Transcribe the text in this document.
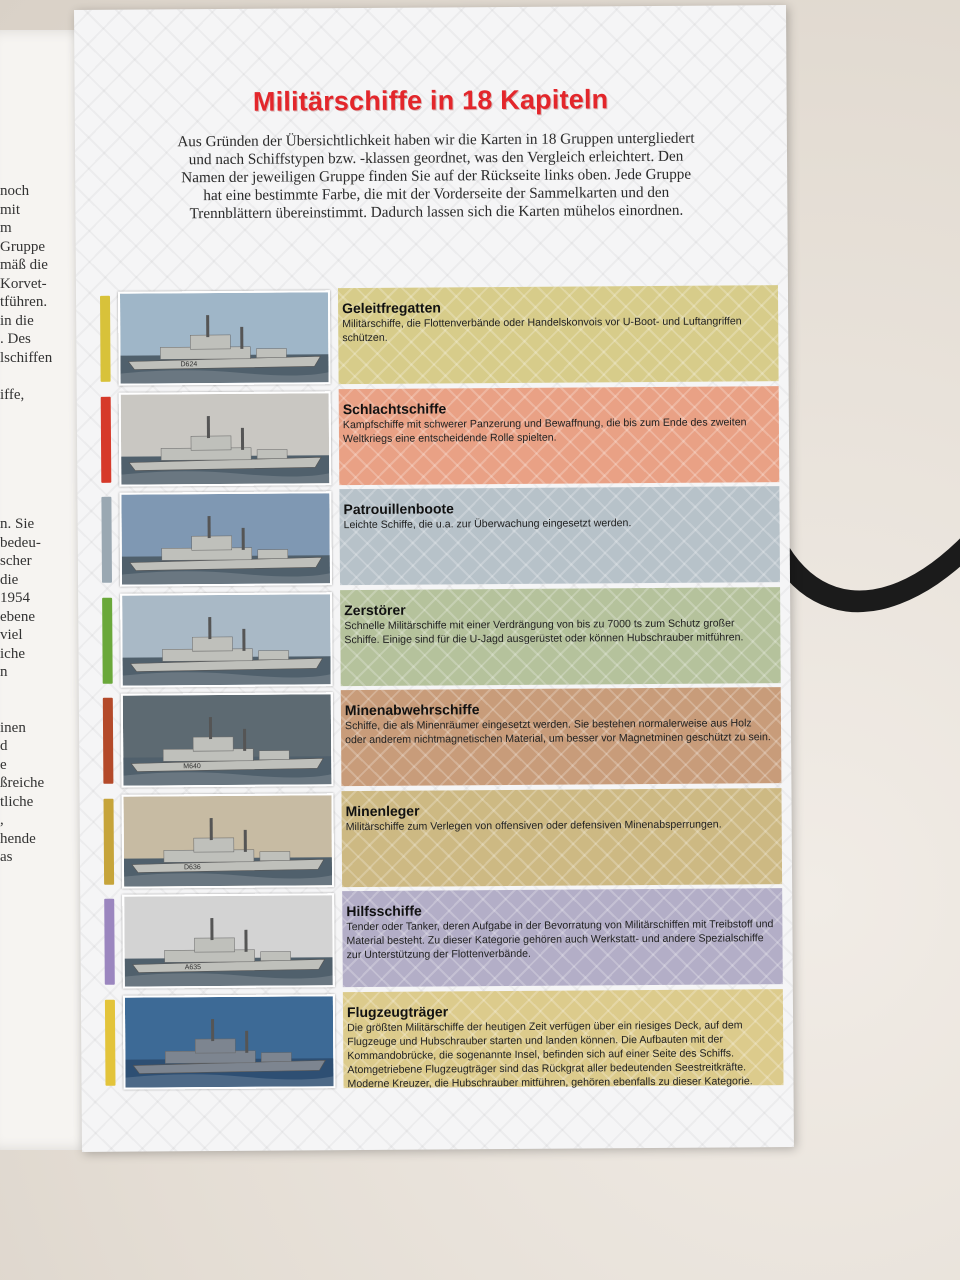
noch
mit
m
Gruppe
mäß die
Korvet-
tführen.
in die
. Des
lschiffen
iffe,
n. Sie
bedeu-
scher
die
1954
ebene
viel
iche
n
inen
d
e
ßreiche
tliche
,
hende
as
Militärschiffe in 18 Kapiteln
Aus Gründen der Übersichtlichkeit haben wir die Karten in 18 Gruppen untergliedert und nach Schiffstypen bzw. -klassen geordnet, was den Vergleich erleichtert. Den Namen der jeweiligen Gruppe finden Sie auf der Rückseite links oben. Jede Gruppe hat eine bestimmte Farbe, die mit der Vorderseite der Sammelkarten und den Trennblättern übereinstimmt. Dadurch lassen sich die Karten mühelos einordnen.
D624
Geleitfregatten

Militärschiffe, die Flottenverbände oder Handelskonvois vor U-Boot- und Luftangriffen schützen.

Schlachtschiffe

Kampfschiffe mit schwerer Panzerung und Bewaffnung, die bis zum Ende des zweiten Weltkriegs eine entscheidende Rolle spielten.

Patrouillenboote

Leichte Schiffe, die u.a. zur Überwachung eingesetzt werden.

Zerstörer

Schnelle Militärschiffe mit einer Verdrängung von bis zu 7000 ts zum Schutz großer Schiffe. Einige sind für die U-Jagd ausgerüstet oder können Hubschrauber mitführen.

M640
Minenabwehrschiffe

Schiffe, die als Minenräumer eingesetzt werden. Sie bestehen normalerweise aus Holz oder anderem nichtmagnetischen Material, um besser vor Magnetminen geschützt zu sein.

D636
Minenleger

Militärschiffe zum Verlegen von offensiven oder defensiven Minenabsperrungen.

A635
Hilfsschiffe

Tender oder Tanker, deren Aufgabe in der Bevorratung von Militärschiffen mit Treibstoff und Material besteht. Zu dieser Kategorie gehören auch Werkstatt- und andere Spezialschiffe zur Unterstützung der Flottenverbände.

Flugzeugträger

Die größten Militärschiffe der heutigen Zeit verfügen über ein riesiges Deck, auf dem Flugzeuge und Hubschrauber starten und landen können. Die Aufbauten mit der Kommandobrücke, die sogenannte Insel, befinden sich auf einer Seite des Schiffs. Atomgetriebene Flugzeugträger sind das Rückgrat aller bedeutenden Seestreitkräfte. Moderne Kreuzer, die Hubschrauber mitführen, gehören ebenfalls zu dieser Kategorie.
